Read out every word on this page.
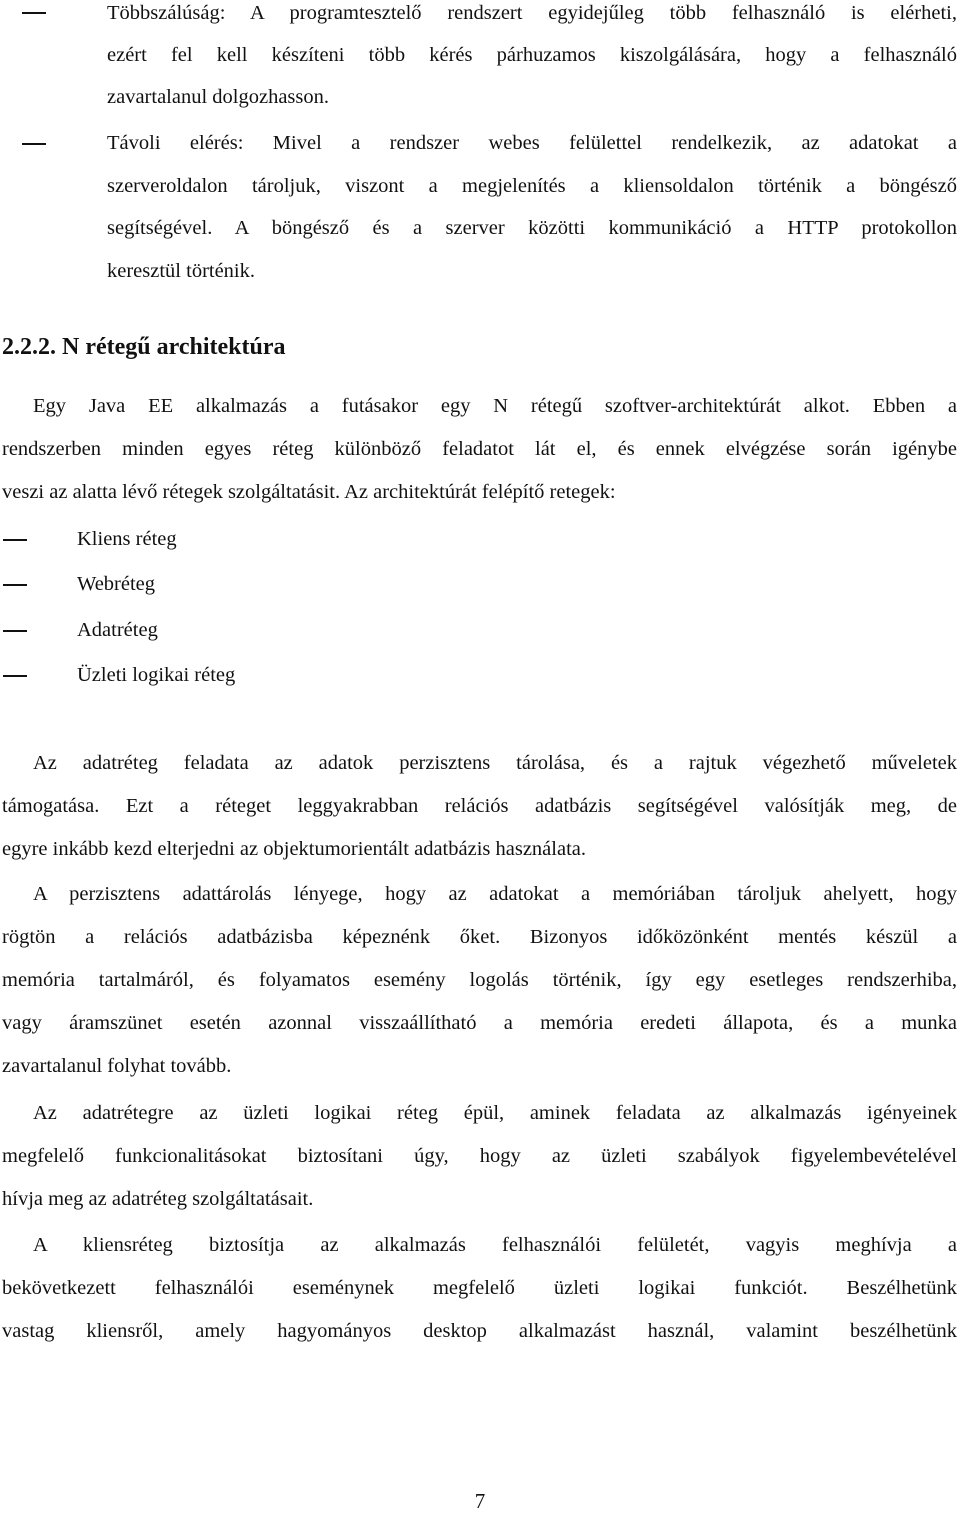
Többszálúság: A programtesztelő rendszert egyidejűleg több felhasználó is elérheti,
ezért fel kell készíteni több kérés párhuzamos kiszolgálására, hogy a felhasználó
zavartalanul dolgozhasson.
Távoli elérés: Mivel a rendszer webes felülettel rendelkezik, az adatokat a
szerveroldalon tároljuk, viszont a megjelenítés a kliensoldalon történik a böngésző
segítségével. A böngésző és a szerver közötti kommunikáció a HTTP protokollon
keresztül történik.
2.2.2. N rétegű architektúra
Egy Java EE alkalmazás a futásakor egy N rétegű szoftver-architektúrát alkot. Ebben a
rendszerben minden egyes réteg különböző feladatot lát el, és ennek elvégzése során igénybe
veszi az alatta lévő rétegek szolgáltatásit. Az architektúrát felépítő retegek:
Kliens réteg
Webréteg
Adatréteg
Üzleti logikai réteg
Az adatréteg feladata az adatok perzisztens tárolása, és a rajtuk végezhető műveletek
támogatása. Ezt a réteget leggyakrabban relációs adatbázis segítségével valósítják meg, de
egyre inkább kezd elterjedni az objektumorientált adatbázis használata.
A perzisztens adattárolás lényege, hogy az adatokat a memóriában tároljuk ahelyett, hogy
rögtön a relációs adatbázisba képeznénk őket. Bizonyos időközönként mentés készül a
memória tartalmáról, és folyamatos esemény logolás történik, így egy esetleges rendszerhiba,
vagy áramszünet esetén azonnal visszaállítható a memória eredeti állapota, és a munka
zavartalanul folyhat tovább.
Az adatrétegre az üzleti logikai réteg épül, aminek feladata az alkalmazás igényeinek
megfelelő funkcionalitásokat biztosítani úgy, hogy az üzleti szabályok figyelembevételével
hívja meg az adatréteg szolgáltatásait.
A kliensréteg biztosítja az alkalmazás felhasználói felületét, vagyis meghívja a
bekövetkezett felhasználói eseménynek megfelelő üzleti logikai funkciót. Beszélhetünk
vastag kliensről, amely hagyományos desktop alkalmazást használ, valamint beszélhetünk
7
